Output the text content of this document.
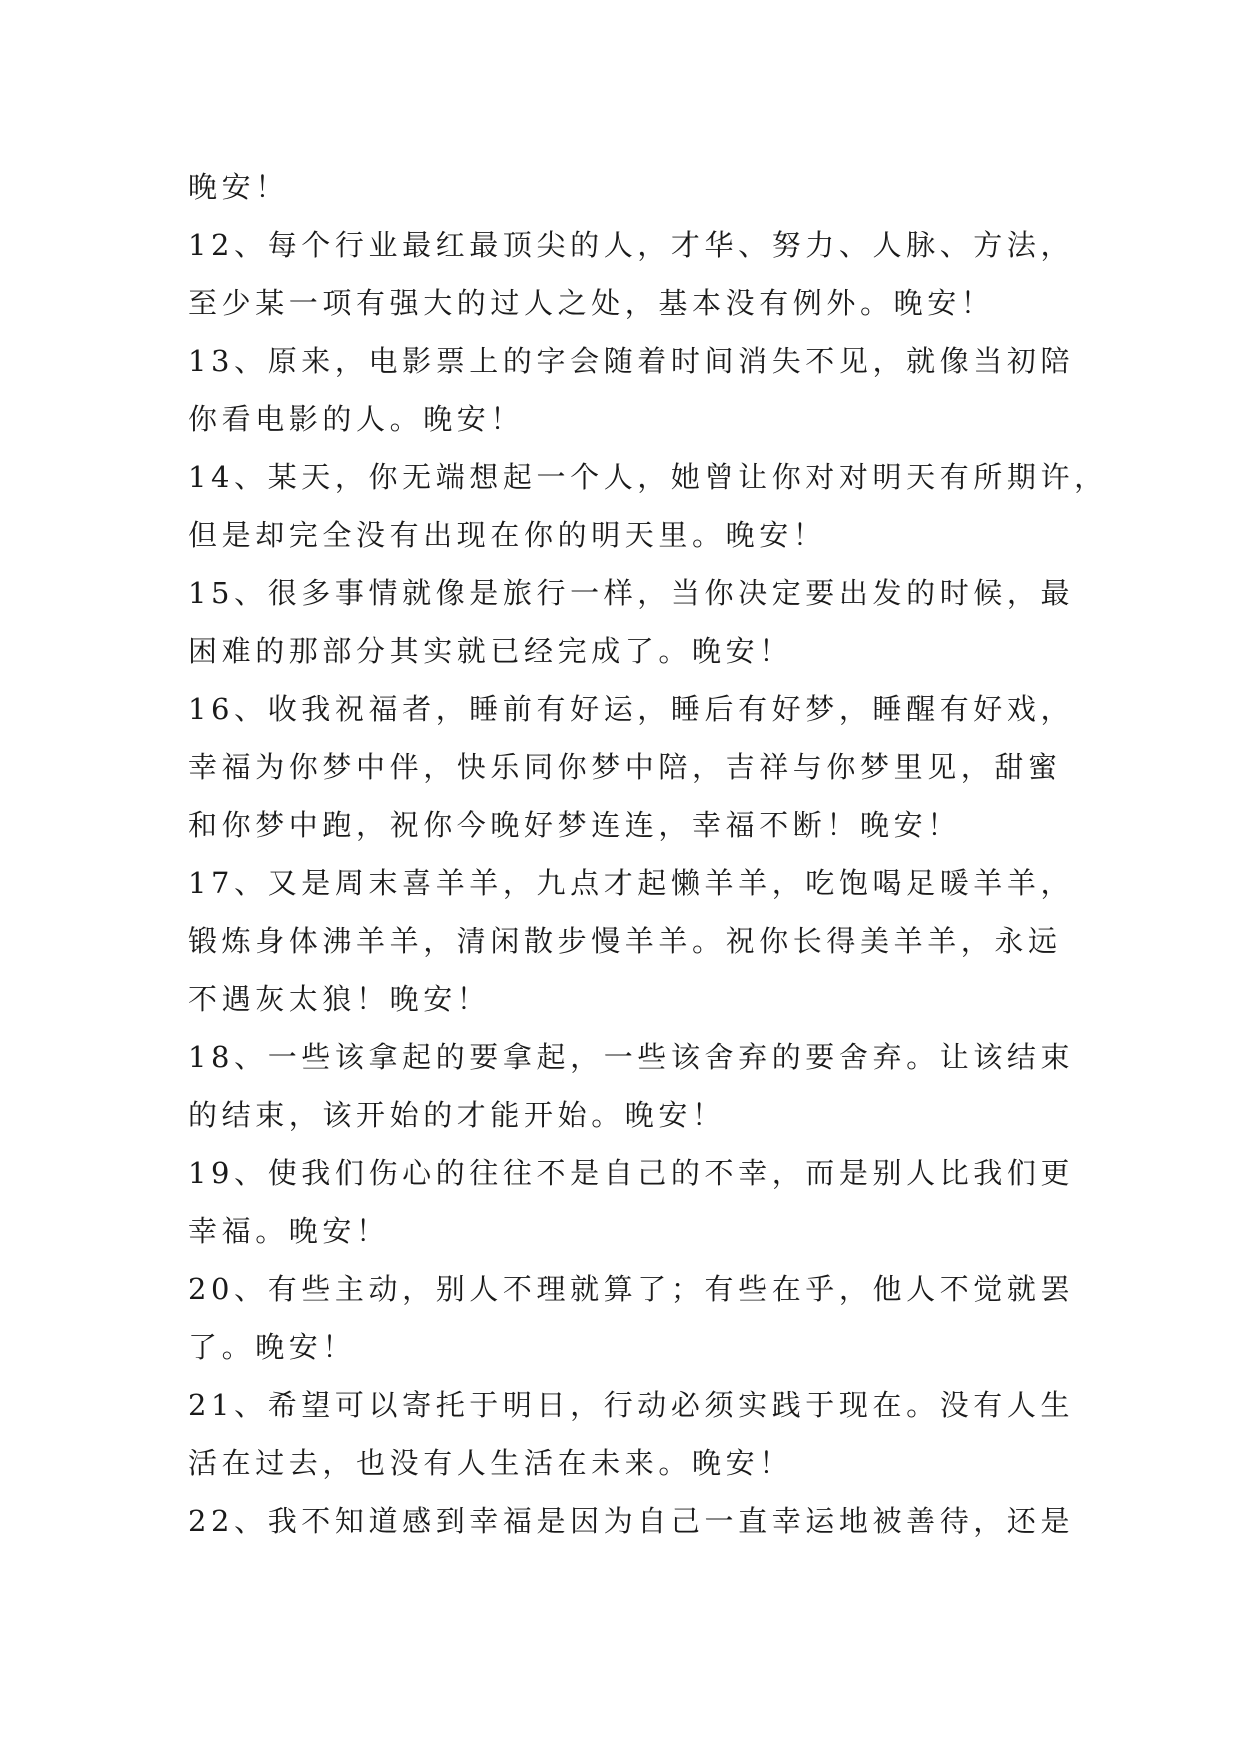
晚安！
12、每个行业最红最顶尖的人，才华、努力、人脉、方法，
至少某一项有强大的过人之处，基本没有例外。晚安！
13、原来，电影票上的字会随着时间消失不见，就像当初陪
你看电影的人。晚安！
14、某天，你无端想起一个人，她曾让你对对明天有所期许，
但是却完全没有出现在你的明天里。晚安！
15、很多事情就像是旅行一样，当你决定要出发的时候，最
困难的那部分其实就已经完成了。晚安！
16、收我祝福者，睡前有好运，睡后有好梦，睡醒有好戏，
幸福为你梦中伴，快乐同你梦中陪，吉祥与你梦里见，甜蜜
和你梦中跑，祝你今晚好梦连连，幸福不断！晚安！
17、又是周末喜羊羊，九点才起懒羊羊，吃饱喝足暖羊羊，
锻炼身体沸羊羊，清闲散步慢羊羊。祝你长得美羊羊，永远
不遇灰太狼！晚安！
18、一些该拿起的要拿起，一些该舍弃的要舍弃。让该结束
的结束，该开始的才能开始。晚安！
19、使我们伤心的往往不是自己的不幸，而是别人比我们更
幸福。晚安！
20、有些主动，别人不理就算了；有些在乎，他人不觉就罢
了。晚安！
21、希望可以寄托于明日，行动必须实践于现在。没有人生
活在过去，也没有人生活在未来。晚安！
22、我不知道感到幸福是因为自己一直幸运地被善待，还是
